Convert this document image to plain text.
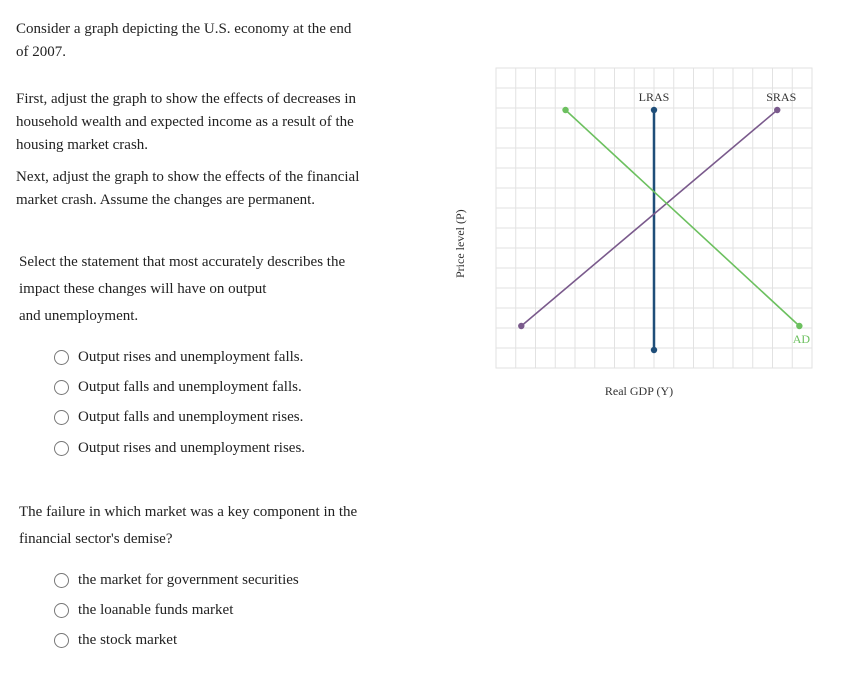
Consider a graph depicting the U.S. economy at the end
of 2007.
First, adjust the graph to show the effects of decreases in
household wealth and expected income as a result of the
housing market crash.
Next, adjust the graph to show the effects of the financial
market crash. Assume the changes are permanent.
Select the statement that most accurately describes the
impact these changes will have on output
and unemployment.
Output rises and unemployment falls.
Output falls and unemployment falls.
Output falls and unemployment rises.
Output rises and unemployment rises.
The failure in which market was a key component in the
financial sector's demise?
the market for government securities
the loanable funds market
the stock market
Price level (P)
Real GDP (Y)
LRAS	SRAS
AD
